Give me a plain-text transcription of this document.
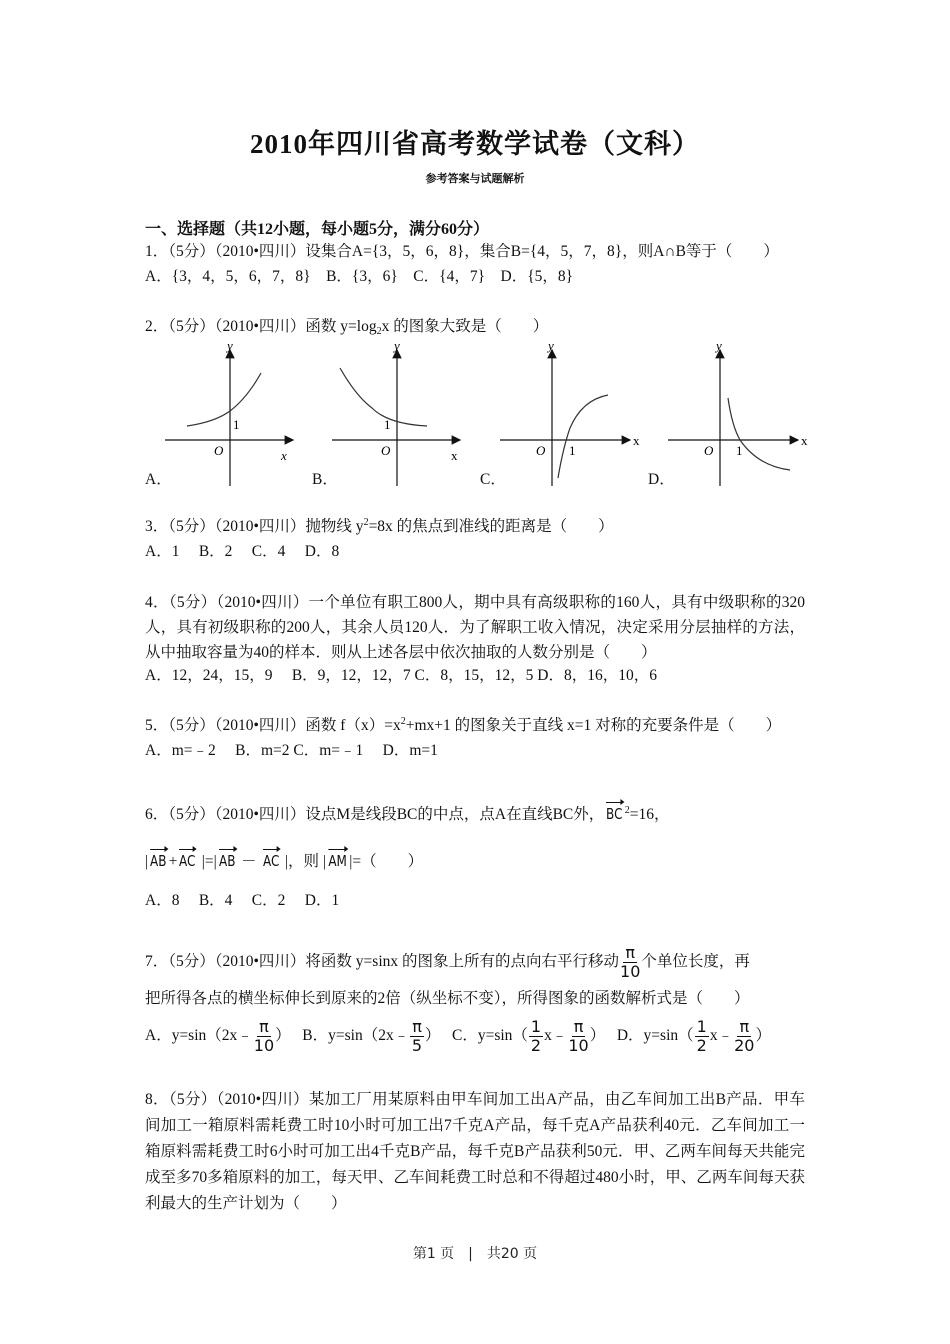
2010年四川省高考数学试卷（文科）
参考答案与试题解析
一、选择题（共12小题，每小题5分，满分60分）
1．（5分）（2010•四川）设集合A={3，5，6，8}，集合B={4，5，7，8}，则A∩B等于（　　）
A．{3，4，5，6，7，8} B．{3，6} C．{4，7} D．{5，8}
2．（5分）（2010•四川）函数 $y=\log_2x$ 的图象大致是（　　）
A．	B．	C．	D．
y
x
O
1
y
x
O
1
y
x
O 1
y
x
O 1
3．（5分）（2010•四川）抛物线 $y^2=8x$ 的焦点到准线的距离是（　　）
A．1 B．2 C．4 D．8
4．（5分）（2010•四川）一个单位有职工800人，期中具有高级职称的160人，具有中级职称的320人，具有初级职称的200人，其余人员120人．为了解职工收入情况，决定采用分层抽样的方法，从中抽取容量为40的样本．则从上述各层中依次抽取的人数分别是（　　）
A．12，24，15，9　 B．9，12，12，7 C．8，15，12，5 D．8，16，10，6
5．（5分）（2010•四川）函数 $f(x)=x^2+mx+1$ 的图象关于直线 x=1 对称的充要条件是（　　）
A．m=﹣2　 B．m=2 C．m=﹣1　 D．m=1
6．（5分）（2010•四川）设点M是线段BC的中点，点A在直线BC外， BC $^2$=16，
| AB + AC |=| AB － AC |，则 | AM |=（　　）
A．8 B．4 C．2 D．1
7．（5分）（2010•四川）将函数 y=sinx 的图象上所有的点向右平行移动 $\frac{\pi}{10}$ 个单位长度，再
把所得各点的横坐标伸长到原来的2倍（纵坐标不变），所得图象的函数解析式是（　　）
A．y=sin（2x﹣ $\frac{\pi}{10}$ ） B．y=sin（2x﹣ $\frac{\pi}{5}$ ） C．$y=\sin( \frac{1}{2}$ x﹣ $\frac{\pi}{10}$ ） D．$y=\sin( \frac{1}{2}$ x﹣ $\frac{\pi}{20}$ ）
8．（5分）（2010•四川）某加工厂用某原料由甲车间加工出A产品，由乙车间加工出B产品．甲车间加工一箱原料需耗费工时10小时可加工出7千克A产品，每千克A产品获利40元．乙车间加工一箱原料需耗费工时6小时可加工出4千克B产品，每千克B产品获利50元．甲、乙两车间每天共能完成至多70多箱原料的加工，每天甲、乙车间耗费工时总和不得超过480小时，甲、乙两车间每天获利最大的生产计划为（　　）
第1 页　|　共20 页
